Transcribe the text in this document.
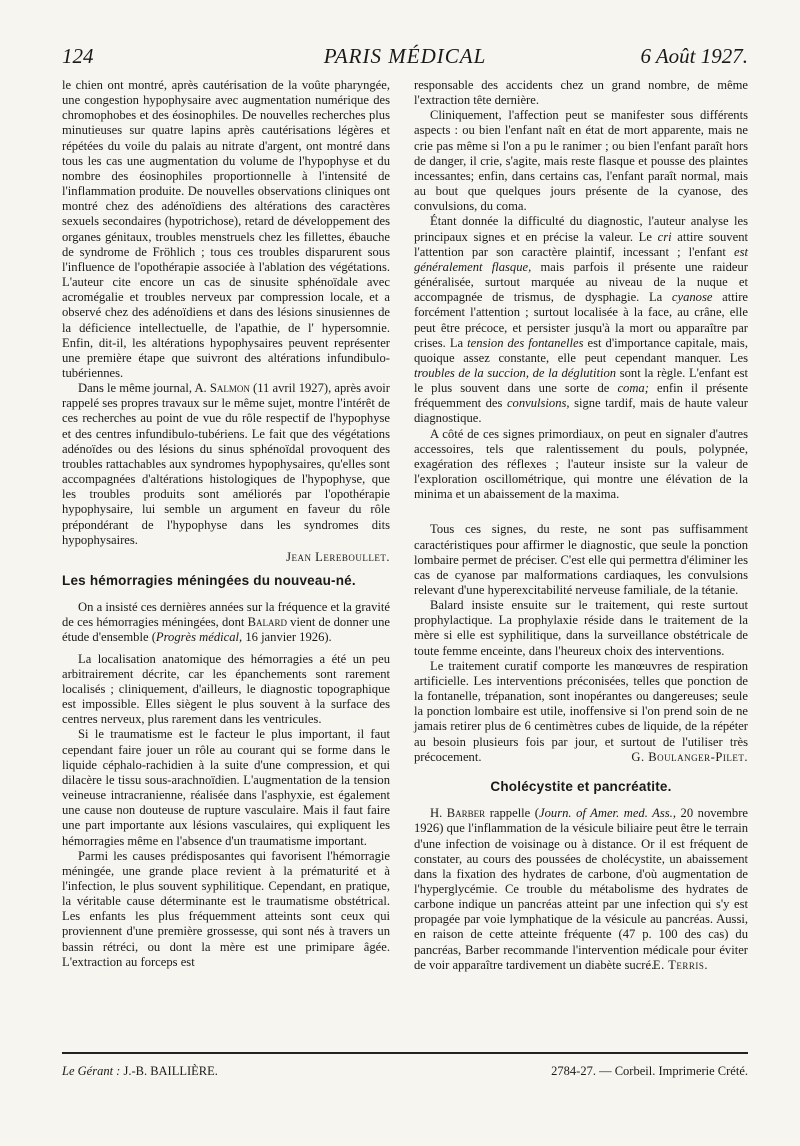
124	PARIS MÉDICAL	6 Août 1927.

le chien ont montré, après cautérisation de la voûte pharyngée, une congestion hypophysaire avec augmentation numérique des chromophobes et des éosinophiles. De nouvelles recherches plus minutieuses sur quatre lapins après cautérisations légères et répétées du voile du palais au nitrate d'argent, ont montré dans tous les cas une augmentation du volume de l'hypophyse et du nombre des éosinophiles proportionnelle à l'intensité de l'inflammation produite. De nouvelles observations cliniques ont montré chez des adénoïdiens des altérations des caractères sexuels secondaires (hypotrichose), retard de développement des organes génitaux, troubles menstruels chez les fillettes, ébauche de syndrome de Fröhlich ; tous ces troubles disparurent sous l'influence de l'opothérapie associée à l'ablation des végétations. L'auteur cite encore un cas de sinusite sphénoïdale avec acromégalie et troubles nerveux par compression locale, et a observé chez des adénoïdiens et dans des lésions sinusiennes de la déficience intellectuelle, de l'apathie, de l' hypersomnie. Enfin, dit-il, les altérations hypophysaires peuvent représenter une première étape que suivront des altérations infundibulo-tubériennes.

Dans le même journal, A. Salmon (11 avril 1927), après avoir rappelé ses propres travaux sur le même sujet, montre l'intérêt de ces recherches au point de vue du rôle respectif de l'hypophyse et des centres infundibulo-tubériens. Le fait que des végétations adénoïdes ou des lésions du sinus sphénoïdal provoquent des troubles rattachables aux syndromes hypophysaires, qu'elles sont accompagnées d'altérations histologiques de l'hypophyse, que les troubles produits sont améliorés par l'opothérapie hypophysaire, lui semble un argument en faveur du rôle prépondérant de l'hypophyse dans les syndromes dits hypophysaires.

Jean Lereboullet.
Les hémorragies méningées du nouveau-né.

On a insisté ces dernières années sur la fréquence et la gravité de ces hémorragies méningées, dont Balard vient de donner une étude d'ensemble (Progrès médical, 16 janvier 1926).

La localisation anatomique des hémorragies a été un peu arbitrairement décrite, car les épanchements sont rarement localisés ; cliniquement, d'ailleurs, le diagnostic topographique est impossible. Elles siègent le plus souvent à la surface des centres nerveux, plus rarement dans les ventricules.

Si le traumatisme est le facteur le plus important, il faut cependant faire jouer un rôle au courant qui se forme dans le liquide céphalo-rachidien à la suite d'une compression, et qui dilacère le tissu sous-arachnoïdien. L'augmentation de la tension veineuse intracranienne, réalisée dans l'asphyxie, est également une cause non douteuse de rupture vasculaire. Mais il faut faire une part importante aux lésions vasculaires, qui expliquent les hémorragies même en l'absence d'un traumatisme important.

Parmi les causes prédisposantes qui favorisent l'hémorragie méningée, une grande place revient à la prématurité et à l'infection, le plus souvent syphilitique. Cependant, en pratique, la véritable cause déterminante est le traumatisme obstétrical. Les enfants les plus fréquemment atteints sont ceux qui proviennent d'une première grossesse, qui sont nés à travers un bassin rétréci, ou dont la mère est une primipare âgée. L'extraction au forceps est

responsable des accidents chez un grand nombre, de même l'extraction tête dernière.

Cliniquement, l'affection peut se manifester sous différents aspects : ou bien l'enfant naît en état de mort apparente, mais ne crie pas même si l'on a pu le ranimer ; ou bien l'enfant paraît hors de danger, il crie, s'agite, mais reste flasque et pousse des plaintes incessantes; enfin, dans certains cas, l'enfant paraît normal, mais au bout que quelques jours présente de la cyanose, des convulsions, du coma.

Étant donnée la difficulté du diagnostic, l'auteur analyse les principaux signes et en précise la valeur. Le cri attire souvent l'attention par son caractère plaintif, incessant ; l'enfant est généralement flasque, mais parfois il présente une raideur généralisée, surtout marquée au niveau de la nuque et accompagnée de trismus, de dysphagie. La cyanose attire forcément l'attention ; surtout localisée à la face, au crâne, elle peut être précoce, et persister jusqu'à la mort ou apparaître par crises. La tension des fontanelles est d'importance capitale, mais, quoique assez constante, elle peut cependant manquer. Les troubles de la succion, de la déglutition sont la règle. L'enfant est le plus souvent dans une sorte de coma; enfin il présente fréquemment des convulsions, signe tardif, mais de haute valeur diagnostique.

A côté de ces signes primordiaux, on peut en signaler d'autres accessoires, tels que ralentissement du pouls, polypnée, exagération des réflexes ; l'auteur insiste sur la valeur de l'exploration oscillométrique, qui montre une élévation de la minima et un abaissement de la maxima.

Tous ces signes, du reste, ne sont pas suffisamment caractéristiques pour affirmer le diagnostic, que seule la ponction lombaire permet de préciser. C'est elle qui permettra d'éliminer les cas de cyanose par malformations cardiaques, les convulsions relevant d'une hyperexcitabilité nerveuse familiale, de la tétanie.

Balard insiste ensuite sur le traitement, qui reste surtout prophylactique. La prophylaxie réside dans le traitement de la mère si elle est syphilitique, dans la surveillance obstétricale de toute femme enceinte, dans l'heureux choix des interventions.

Le traitement curatif comporte les manœuvres de respiration artificielle. Les interventions préconisées, telles que ponction de la fontanelle, trépanation, sont inopérantes ou dangereuses; seule la ponction lombaire est utile, inoffensive si l'on prend soin de ne jamais retirer plus de 6 centimètres cubes de liquide, de la répéter au besoin plusieurs fois par jour, et surtout de l'utiliser très précocement.	G. Boulanger-Pilet.
Cholécystite et pancréatite.

H. Barber rappelle (Journ. of Amer. med. Ass., 20 novembre 1926) que l'inflammation de la vésicule biliaire peut être le terrain d'une infection de voisinage ou à distance. Or il est fréquent de constater, au cours des poussées de cholécystite, un abaissement dans la fixation des hydrates de carbone, d'où augmentation de l'hyperglycémie. Ce trouble du métabolisme des hydrates de carbone indique un pancréas atteint par une infection qui s'y est propagée par voie lymphatique de la vésicule au pancréas. Aussi, en raison de cette atteinte fréquente (47 p. 100 des cas) du pancréas, Barber recommande l'intervention médicale pour éviter de voir apparaître tardivement un diabète sucré.

E. Terris.
Le Gérant : J.-B. BAILLIÈRE.	2784-27. — Corbeil. Imprimerie Crété.
